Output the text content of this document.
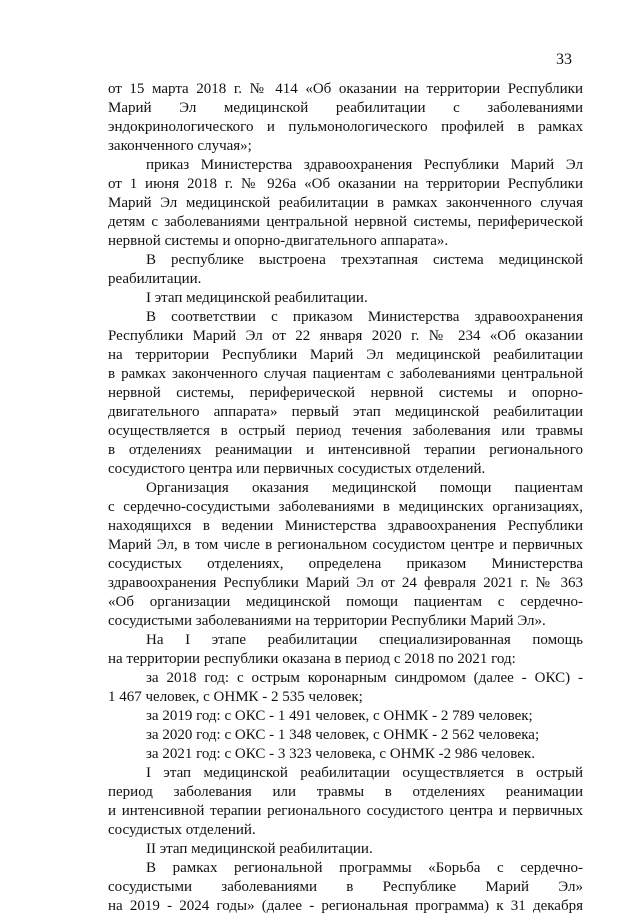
33
от 15 марта 2018 г. № 414 «Об оказании на территории Республики
Марий Эл медицинской реабилитации с заболеваниями
эндокринологического и пульмонологического профилей в рамках
законченного случая»;
приказ Министерства здравоохранения Республики Марий Эл
от 1 июня 2018 г. № 926а «Об оказании на территории Республики
Марий Эл медицинской реабилитации в рамках законченного случая
детям с заболеваниями центральной нервной системы, периферической
нервной системы и опорно-двигательного аппарата».
В республике выстроена трехэтапная система медицинской
реабилитации.
I этап медицинской реабилитации.
В соответствии с приказом Министерства здравоохранения
Республики Марий Эл от 22 января 2020 г. № 234 «Об оказании
на территории Республики Марий Эл медицинской реабилитации
в рамках законченного случая пациентам с заболеваниями центральной
нервной системы, периферической нервной системы и опорно-
двигательного аппарата» первый этап медицинской реабилитации
осуществляется в острый период течения заболевания или травмы
в отделениях реанимации и интенсивной терапии регионального
сосудистого центра или первичных сосудистых отделений.
Организация оказания медицинской помощи пациентам
с сердечно-сосудистыми заболеваниями в медицинских организациях,
находящихся в ведении Министерства здравоохранения Республики
Марий Эл, в том числе в региональном сосудистом центре и первичных
сосудистых отделениях, определена приказом Министерства
здравоохранения Республики Марий Эл от 24 февраля 2021 г. № 363
«Об организации медицинской помощи пациентам с сердечно-
сосудистыми заболеваниями на территории Республики Марий Эл».
На I этапе реабилитации специализированная помощь
на территории республики оказана в период с 2018 по 2021 год:
за 2018 год: с острым коронарным синдромом (далее - ОКС) -
1 467 человек, с ОНМК - 2 535 человек;
за 2019 год: с ОКС - 1 491 человек, с ОНМК - 2 789 человек;
за 2020 год: с ОКС - 1 348 человек, с ОНМК - 2 562 человека;
за 2021 год: с ОКС - 3 323 человека, с ОНМК -2 986 человек.
I этап медицинской реабилитации осуществляется в острый
период заболевания или травмы в отделениях реанимации
и интенсивной терапии регионального сосудистого центра и первичных
сосудистых отделений.
II этап медицинской реабилитации.
В рамках региональной программы «Борьба с сердечно-
сосудистыми заболеваниями в Республике Марий Эл»
на 2019 - 2024 годы» (далее - региональная программа) к 31 декабря
